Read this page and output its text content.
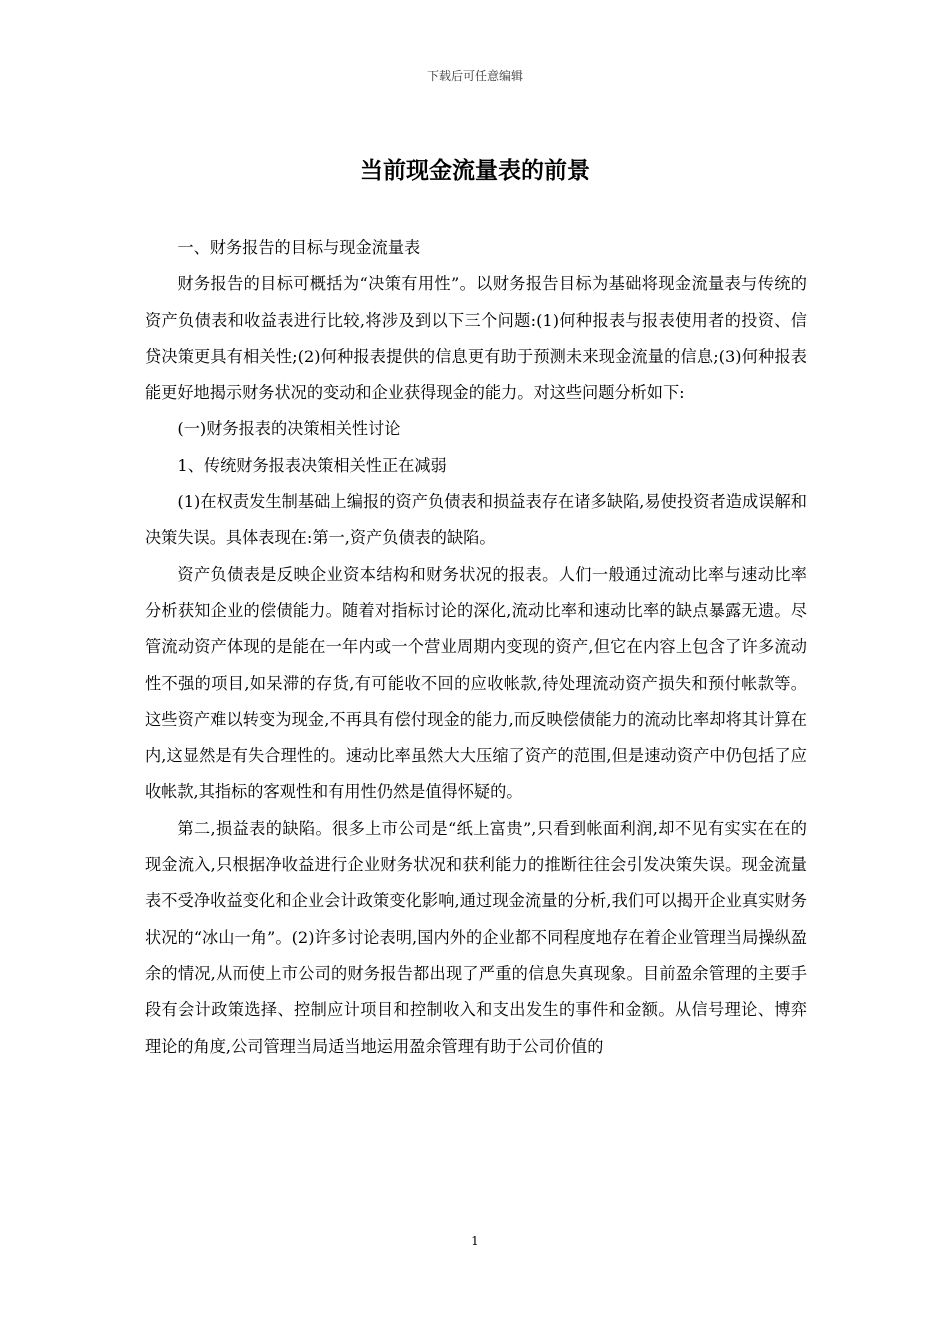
下载后可任意编辑
当前现金流量表的前景

一、财务报告的目标与现金流量表

财务报告的目标可概括为“决策有用性”。以财务报告目标为基础将现金流量表与传统的资产负债表和收益表进行比较,将涉及到以下三个问题:(1)何种报表与报表使用者的投资、信贷决策更具有相关性;(2)何种报表提供的信息更有助于预测未来现金流量的信息;(3)何种报表能更好地揭示财务状况的变动和企业获得现金的能力。对这些问题分析如下:

(一)财务报表的决策相关性讨论

1、传统财务报表决策相关性正在减弱

(1)在权责发生制基础上编报的资产负债表和损益表存在诸多缺陷,易使投资者造成误解和决策失误。具体表现在:第一,资产负债表的缺陷。

资产负债表是反映企业资本结构和财务状况的报表。人们一般通过流动比率与速动比率分析获知企业的偿债能力。随着对指标讨论的深化,流动比率和速动比率的缺点暴露无遗。尽管流动资产体现的是能在一年内或一个营业周期内变现的资产,但它在内容上包含了许多流动性不强的项目,如呆滞的存货,有可能收不回的应收帐款,待处理流动资产损失和预付帐款等。这些资产难以转变为现金,不再具有偿付现金的能力,而反映偿债能力的流动比率却将其计算在内,这显然是有失合理性的。速动比率虽然大大压缩了资产的范围,但是速动资产中仍包括了应收帐款,其指标的客观性和有用性仍然是值得怀疑的。

第二,损益表的缺陷。很多上市公司是“纸上富贵”,只看到帐面利润,却不见有实实在在的现金流入,只根据净收益进行企业财务状况和获利能力的推断往往会引发决策失误。现金流量表不受净收益变化和企业会计政策变化影响,通过现金流量的分析,我们可以揭开企业真实财务状况的“冰山一角”。(2)许多讨论表明,国内外的企业都不同程度地存在着企业管理当局操纵盈余的情况,从而使上市公司的财务报告都出现了严重的信息失真现象。目前盈余管理的主要手段有会计政策选择、控制应计项目和控制收入和支出发生的事件和金额。从信号理论、博弈理论的角度,公司管理当局适当地运用盈余管理有助于公司价值的

1
